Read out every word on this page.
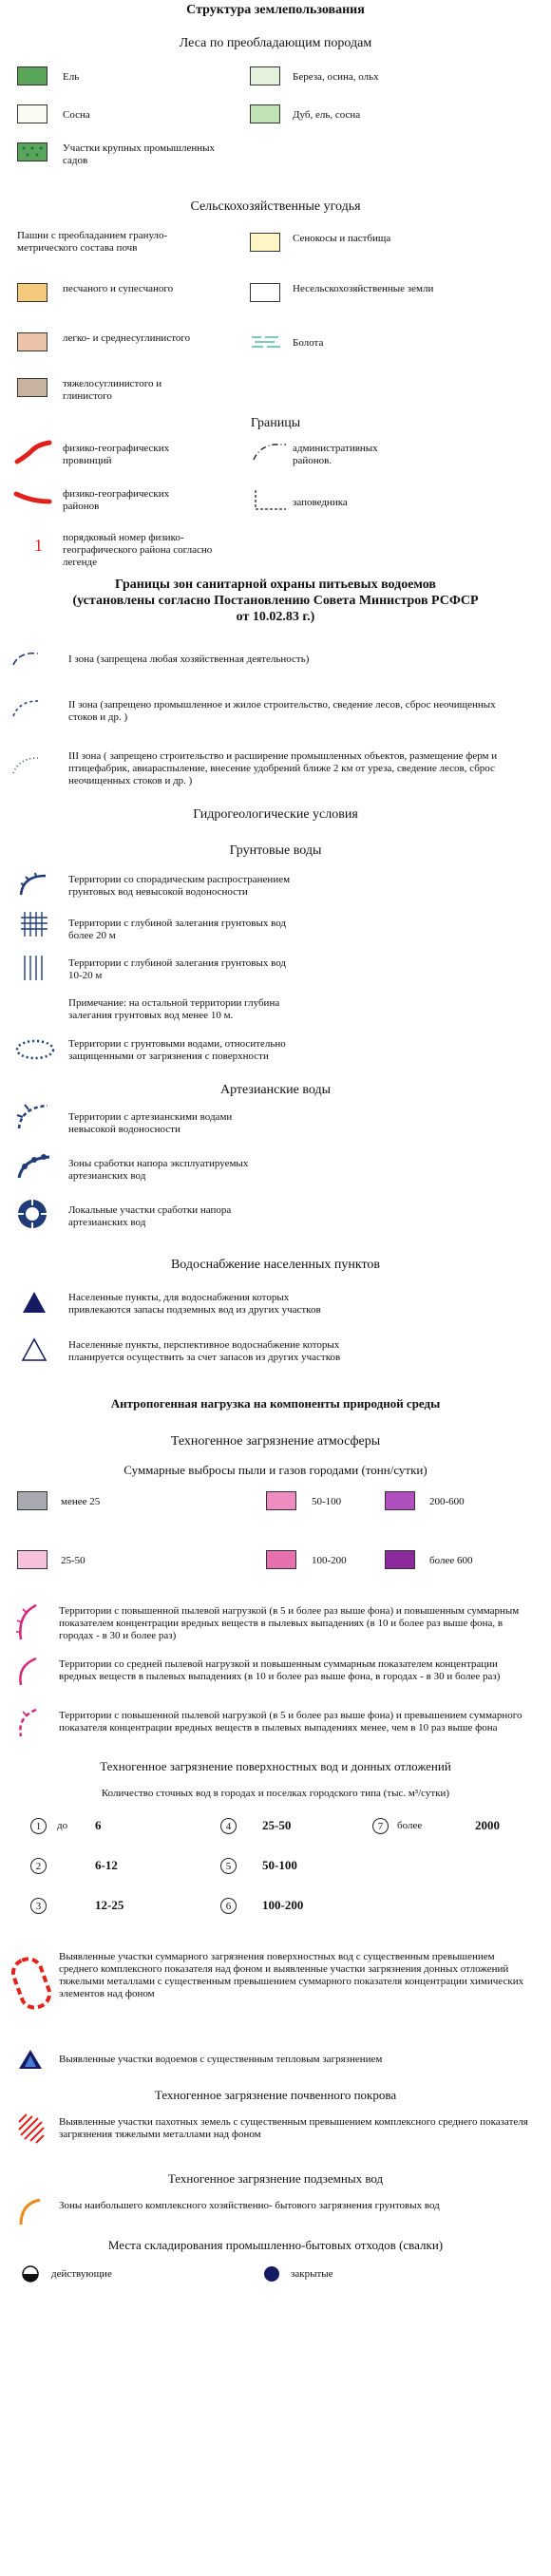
Структура землепользования
Леса по преобладающим породам
Ель	Береза, осина, ольх
Сосна	Дуб, ель, сосна
Участки крупных промышленных садов
Сельскохозяйственные угодья
Пашни с преобладанием грануло-метрического состава почв
Сенокосы и пастбища
песчаного и супесчаного	Несельскохозяйственные земли
легко- и среднесуглинистого	Болота
тяжелосуглинистого и глинистого
Границы
физико-географических провинций
административных районов.
физико-географических районов	заповедника
1 порядковый номер физико-географического района согласно легенде
Границы зон санитарной охраны питьевых водоемов
(установлены согласно Постановлению Совета Министров РСФСР
от 10.02.83 г.)
I зона (запрещена любая хозяйственная деятельность)
II зона (запрещено промышленное и жилое строительство, сведение лесов, сброс неочищенных стоков и др. )
III зона ( запрещено строительство и расширение промышленных объектов, размещение ферм и птицефабрик, авиараспыление, внесение удобрений ближе 2 км от уреза, сведение лесов, сброс неочищенных стоков и др. )
Гидрогеологические условия
Грунтовые воды
Территории со спорадическим распространением грунтовых вод невысокой водоносности
Территории с глубиной залегания грунтовых вод более 20 м
Территории с глубиной залегания грунтовых вод 10-20 м
Примечание: на остальной территории глубина залегания грунтовых вод менее 10 м.
Территории с грунтовыми водами, относительно защищенными от загрязнения с поверхности
Артезианские воды
Территории с артезианскими водами невысокой водоносности
Зоны сработки напора эксплуатируемых артезианских вод
Локальные участки сработки напора артезианских вод
Водоснабжение населенных пунктов
Населенные пункты, для водоснабжения которых привлекаются запасы подземных вод из других участков
Населенные пункты, перспективное водоснабжение которых планируется осуществить за счет запасов из других участков
Антропогенная нагрузка на компоненты природной среды
Техногенное загрязнение атмосферы
Суммарные выбросы пыли и газов городами (тонн/сутки)
менее 25	50-100	200-600
25-50	100-200	более 600
Территории с повышенной пылевой нагрузкой (в 5 и более раз выше фона) и повышенным суммарным показателем концентрации вредных веществ в пылевых выпадениях (в 10 и более раз выше фона, в городах - в 30 и более раз)
Территории со средней пылевой нагрузкой и повышенным суммарным показателем концентрации вредных веществ в пылевых выпадениях (в 10 и более раз выше фона, в городах - в 30 и более раз)
Территории с повышенной пылевой нагрузкой (в 5 и более раз выше фона) и превышением суммарного показателя концентрации вредных веществ в пылевых выпадениях менее, чем в 10 раз выше фона
Техногенное загрязнение поверхностных вод и донных отложений
Количество сточных вод в городах и поселках городского типа (тыс. м³/сутки)
1	до 6	4	25-50	7	более	2000
2	6-12	5	50-100
3	12-25	6	100-200
Выявленные участки суммарного загрязнения поверхностных вод с существенным превышением среднего комплексного показателя над фоном и выявленные участки загрязнения донных отложений тяжелыми металлами с существенным превышением суммарного показателя концентрации химических элементов над фоном
Выявленные участки водоемов с существенным тепловым загрязнением
Техногенное загрязнение почвенного покрова
Выявленные участки пахотных земель с существенным превышением комплексного среднего показателя загрязнения тяжелыми металлами над фоном
Техногенное загрязнение подземных вод
Зоны наибольшего комплексного хозяйственно- бытового загрязнения грунтовых вод
Места складирования промышленно-бытовых отходов (свалки)
действующие	закрытые
